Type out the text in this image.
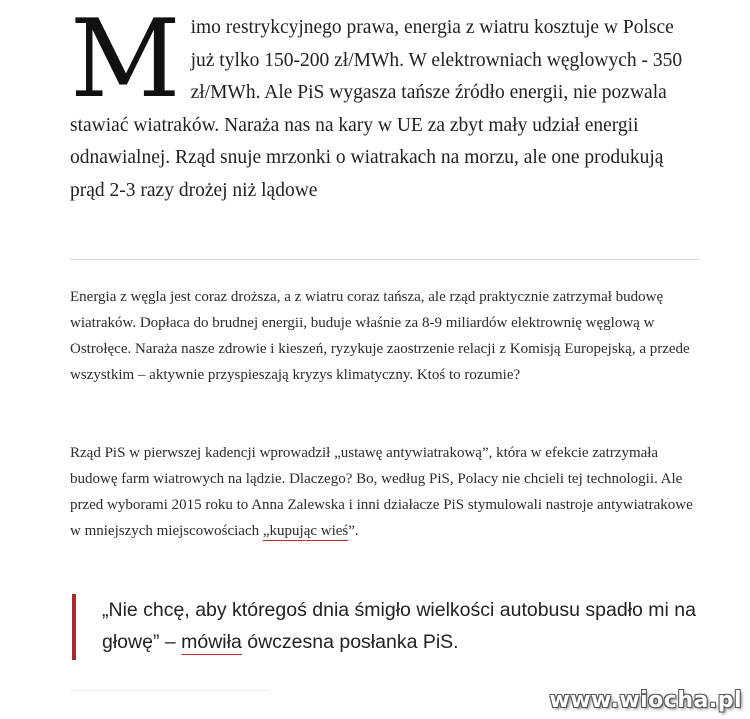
M imo restrykcyjnego prawa, energia z wiatru kosztuje w Polsce już tylko 150-200 zł/MWh. W elektrowniach węglowych - 350 zł/MWh. Ale PiS wygasza tańsze źródło energii, nie pozwala stawiać wiatraków. Naraża nas na kary w UE za zbyt mały udział energii odnawialnej. Rząd snuje mrzonki o wiatrakach na morzu, ale one produkują prąd 2-3 razy drożej niż lądowe
Energia z węgla jest coraz droższa, a z wiatru coraz tańsza, ale rząd praktycznie zatrzymał budowę wiatraków. Dopłaca do brudnej energii, buduje właśnie za 8-9 miliardów elektrownię węglową w Ostrołęce. Naraża nasze zdrowie i kieszeń, ryzykuje zaostrzenie relacji z Komisją Europejską, a przede wszystkim – aktywnie przyspieszają kryzys klimatyczny. Ktoś to rozumie?
Rząd PiS w pierwszej kadencji wprowadził „ustawę antywiatrakową”, która w efekcie zatrzymała budowę farm wiatrowych na lądzie. Dlaczego? Bo, według PiS, Polacy nie chcieli tej technologii. Ale przed wyborami 2015 roku to Anna Zalewska i inni działacze PiS stymulowali nastroje antywiatrakowe w mniejszych miejscowościach „kupując wieś”.
„Nie chcę, aby któregoś dnia śmigło wielkości autobusu spadło mi na głowę” – mówiła ówczesna posłanka PiS.
www.wiocha.pl
